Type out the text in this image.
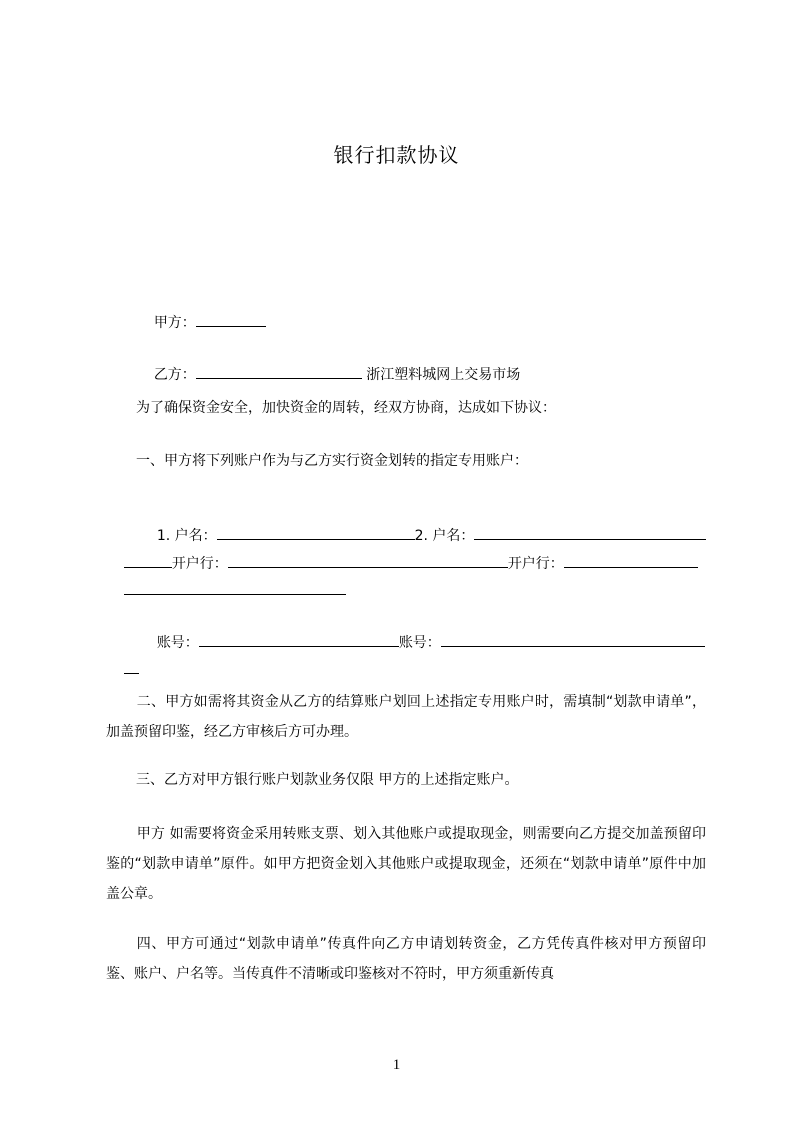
银行扣款协议

甲方：

乙方：	浙江塑料城网上交易市场

为了确保资金安全，加快资金的周转，经双方协商，达成如下协议：
一、甲方将下列账户作为与乙方实行资金划转的指定专用账户：

1. 户名：	2. 户名：

开户行：	开户行：

账号：	账号：

二、甲方如需将其资金从乙方的结算账户划回上述指定专用账户时，需填制“划款申请单”，加盖预留印鉴，经乙方审核后方可办理。
三、乙方对甲方银行账户划款业务仅限 甲方的上述指定账户。
甲方 如需要将资金采用转账支票、划入其他账户或提取现金，则需要向乙方提交加盖预留印鉴的“划款申请单”原件。如甲方把资金划入其他账户或提取现金，还须在“划款申请单”原件中加盖公章。
四、甲方可通过“划款申请单”传真件向乙方申请划转资金，乙方凭传真件核对甲方预留印鉴、账户、户名等。当传真件不清晰或印鉴核对不符时，甲方须重新传真
1
